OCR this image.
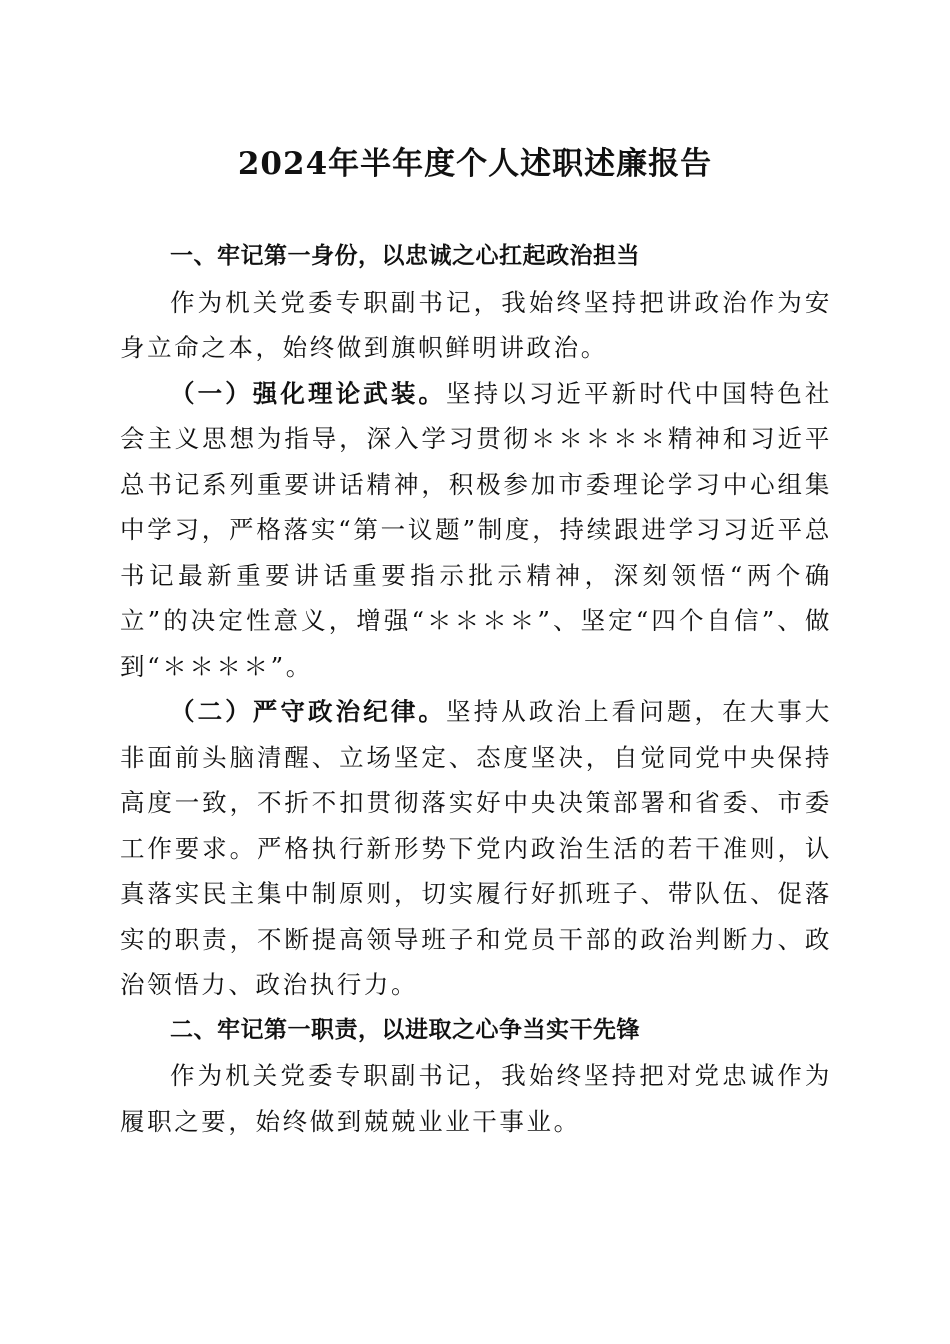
2024年半年度个人述职述廉报告

一、牢记第一身份，以忠诚之心扛起政治担当

作为机关党委专职副书记，我始终坚持把讲政治作为安身立命之本，始终做到旗帜鲜明讲政治。

（一）强化理论武装。坚持以习近平新时代中国特色社会主义思想为指导，深入学习贯彻＊＊＊＊＊精神和习近平总书记系列重要讲话精神，积极参加市委理论学习中心组集中学习，严格落实“第一议题”制度，持续跟进学习习近平总书记最新重要讲话重要指示批示精神，深刻领悟“两个确立”的决定性意义，增强“＊＊＊＊”、坚定“四个自信”、做到“＊＊＊＊”。

（二）严守政治纪律。坚持从政治上看问题，在大事大非面前头脑清醒、立场坚定、态度坚决，自觉同党中央保持高度一致，不折不扣贯彻落实好中央决策部署和省委、市委工作要求。严格执行新形势下党内政治生活的若干准则，认真落实民主集中制原则，切实履行好抓班子、带队伍、促落实的职责，不断提高领导班子和党员干部的政治判断力、政治领悟力、政治执行力。

二、牢记第一职责，以进取之心争当实干先锋

作为机关党委专职副书记，我始终坚持把对党忠诚作为履职之要，始终做到兢兢业业干事业。
